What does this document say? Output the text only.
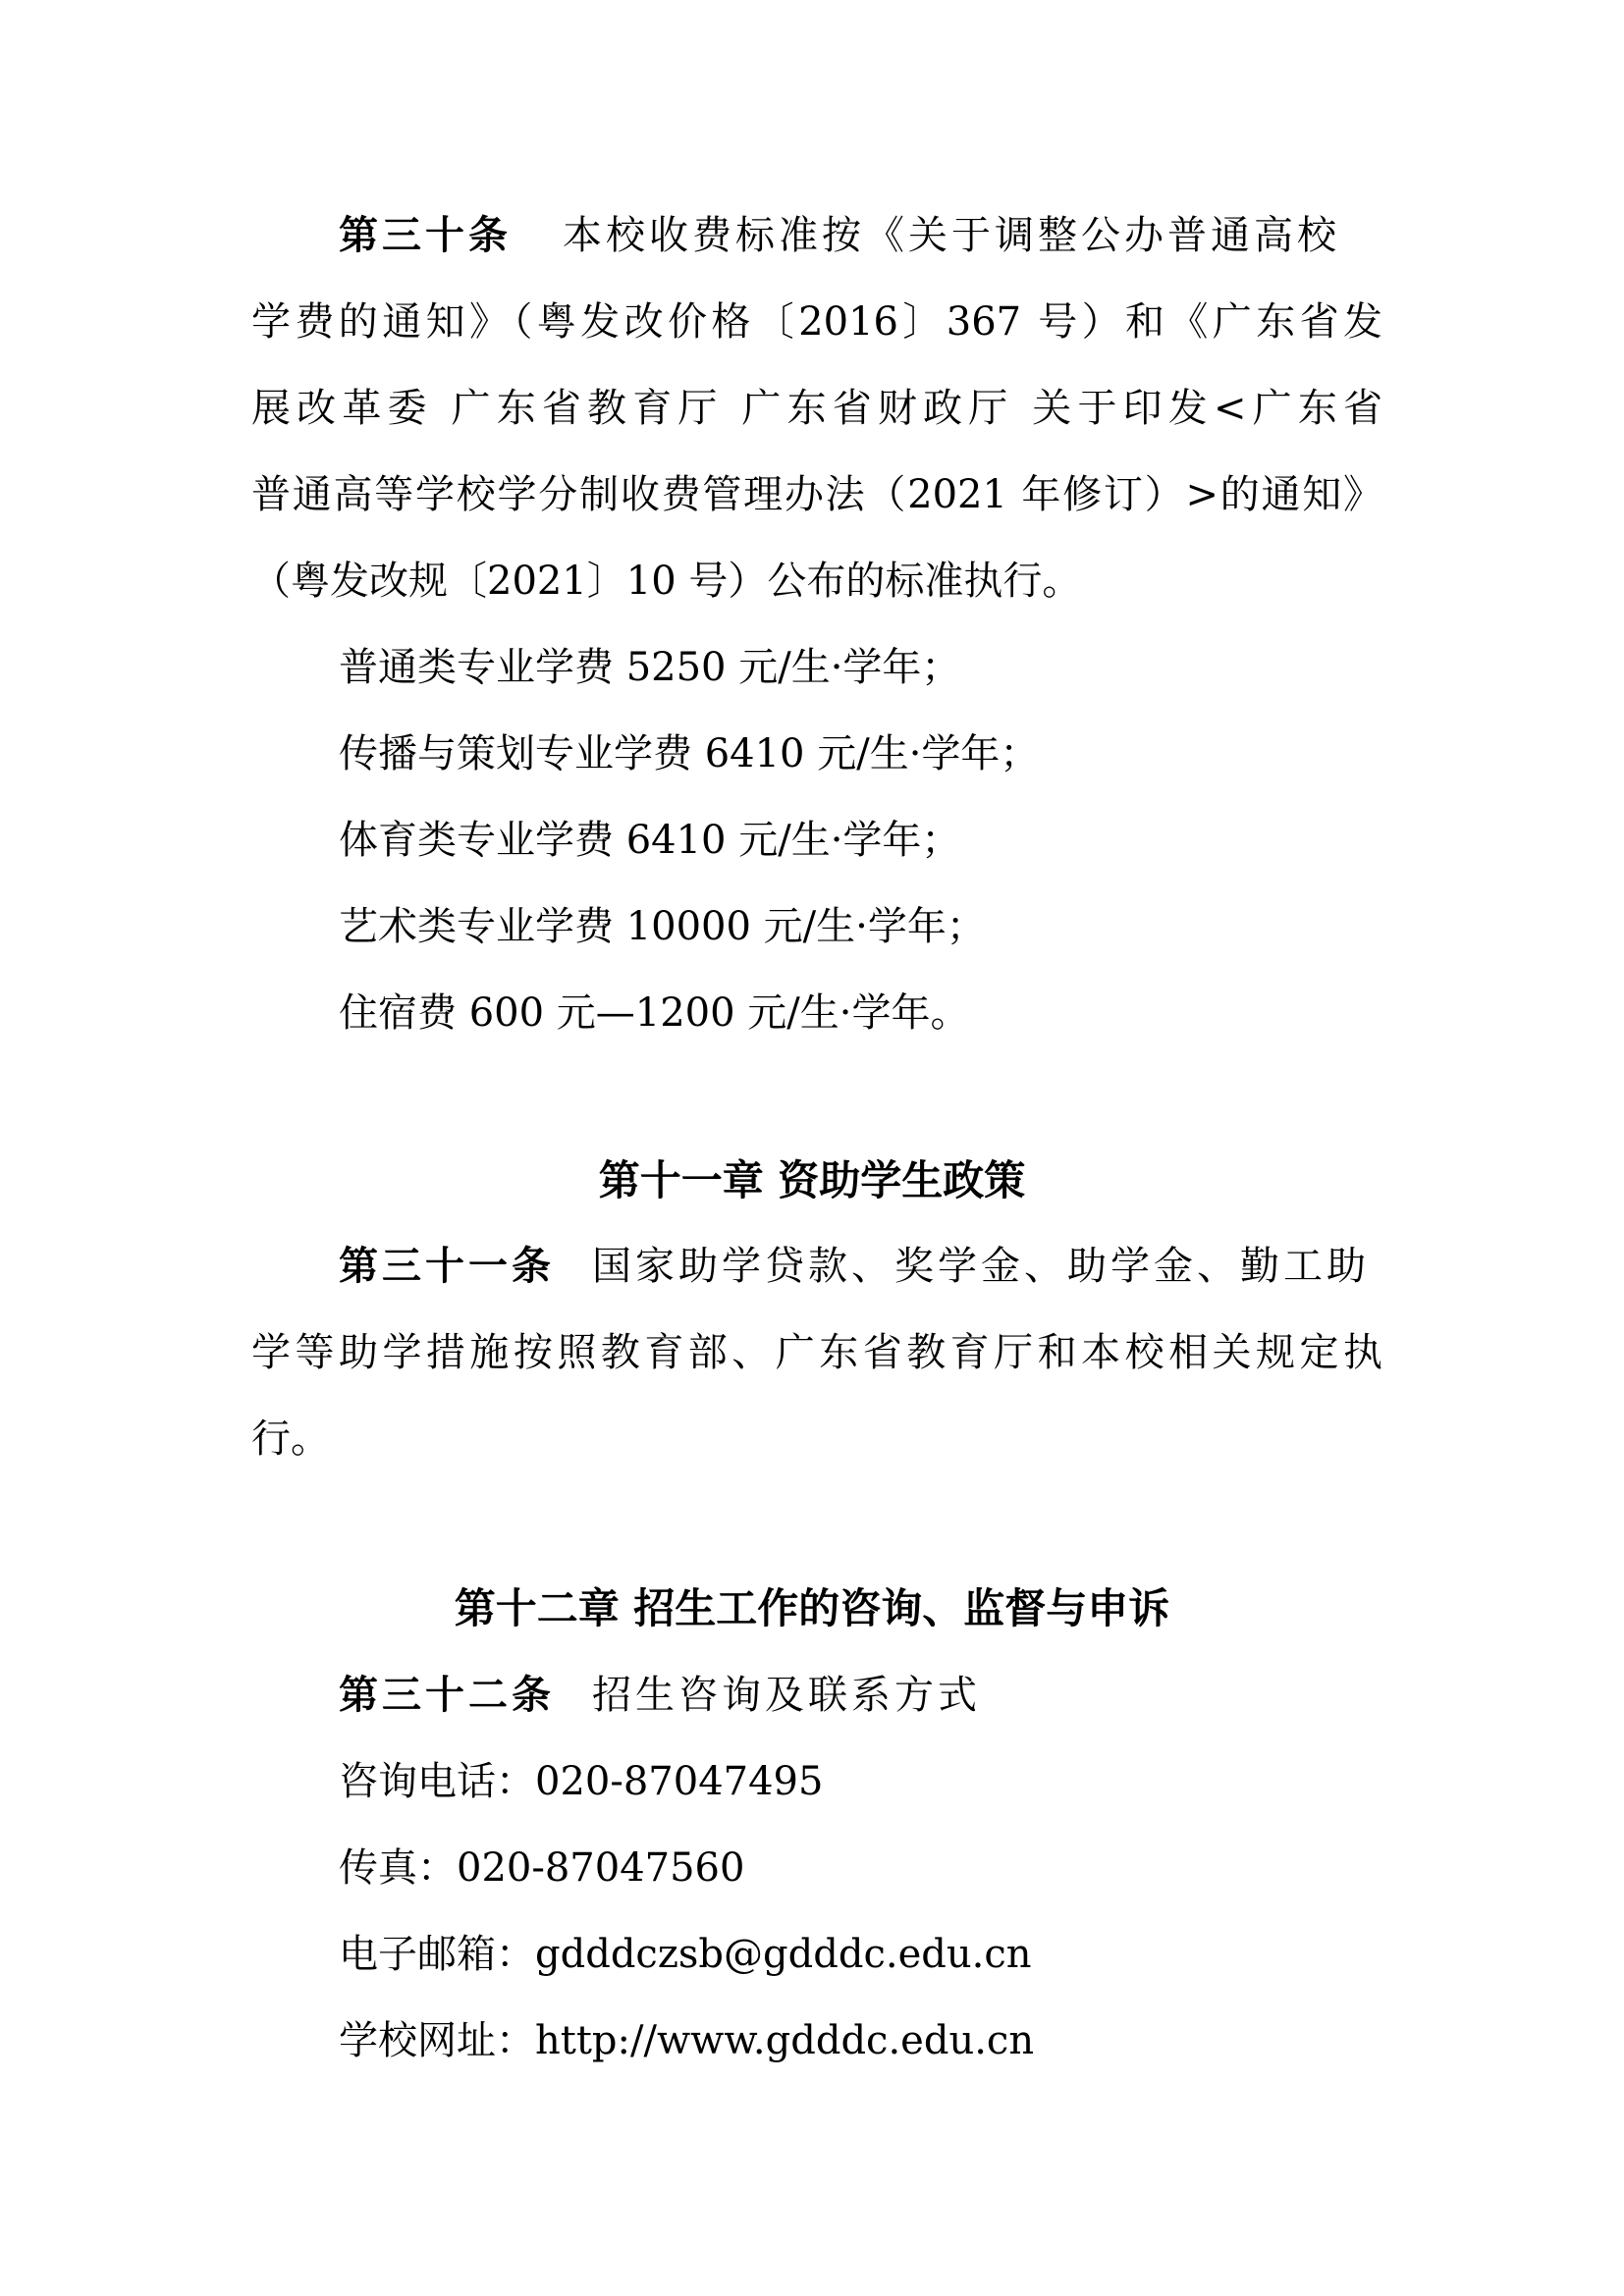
第三十条 本校收费标准按《关于调整公办普通高校
学费的通知》（粤发改价格〔2016〕367 号）和《广东省发
展改革委 广东省教育厅 广东省财政厅 关于印发<广东省
普通高等学校学分制收费管理办法（2021 年修订）>的通知》
（粤发改规〔2021〕10 号）公布的标准执行。
普通类专业学费 5250 元/生·学年；
传播与策划专业学费 6410 元/生·学年；
体育类专业学费 6410 元/生·学年；
艺术类专业学费 10000 元/生·学年；
住宿费 600 元—1200 元/生·学年。
第十一章 资助学生政策
第三十一条 国家助学贷款、奖学金、助学金、勤工助
学等助学措施按照教育部、广东省教育厅和本校相关规定执
行。
第十二章 招生工作的咨询、监督与申诉
第三十二条 招生咨询及联系方式
咨询电话：020-87047495
传真：020-87047560
电子邮箱：gdddczsb@gdddc.edu.cn
学校网址：http://www.gdddc.edu.cn
